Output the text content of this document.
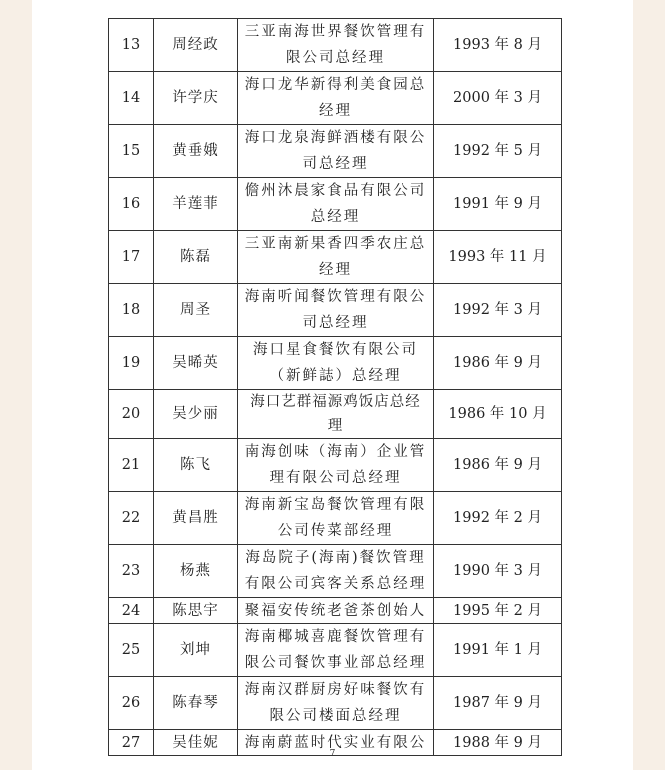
13	周经政	三亚南海世界餐饮管理有限公司总经理	1993 年 8 月
14	许学庆	海口龙华新得利美食园总经理	2000 年 3 月
15	黄垂娥	海口龙泉海鲜酒楼有限公司总经理	1992 年 5 月
16	羊莲菲	儋州沐晨家食品有限公司总经理	1991 年 9 月
17	陈磊	三亚南新果香四季农庄总经理	1993 年 11 月
18	周圣	海南听闻餐饮管理有限公司总经理	1992 年 3 月
19	吴晞英	海口星食餐饮有限公司（新鲜誌）总经理	1986 年 9 月
20	吴少丽	海口艺群福源鸡饭店总经理	1986 年 10 月
21	陈飞	南海创味（海南）企业管理有限公司总经理	1986 年 9 月
22	黄昌胜	海南新宝岛餐饮管理有限公司传菜部经理	1992 年 2 月
23	杨燕	海岛院子(海南)餐饮管理有限公司宾客关系总经理	1990 年 3 月
24	陈思宇	聚福安传统老爸茶创始人	1995 年 2 月
25	刘坤	海南椰城喜鹿餐饮管理有限公司餐饮事业部总经理	1991 年 1 月
26	陈春琴	海南汉群厨房好味餐饮有限公司楼面总经理	1987 年 9 月
27	吴佳妮	海南蔚蓝时代实业有限公	1988 年 9 月
7
